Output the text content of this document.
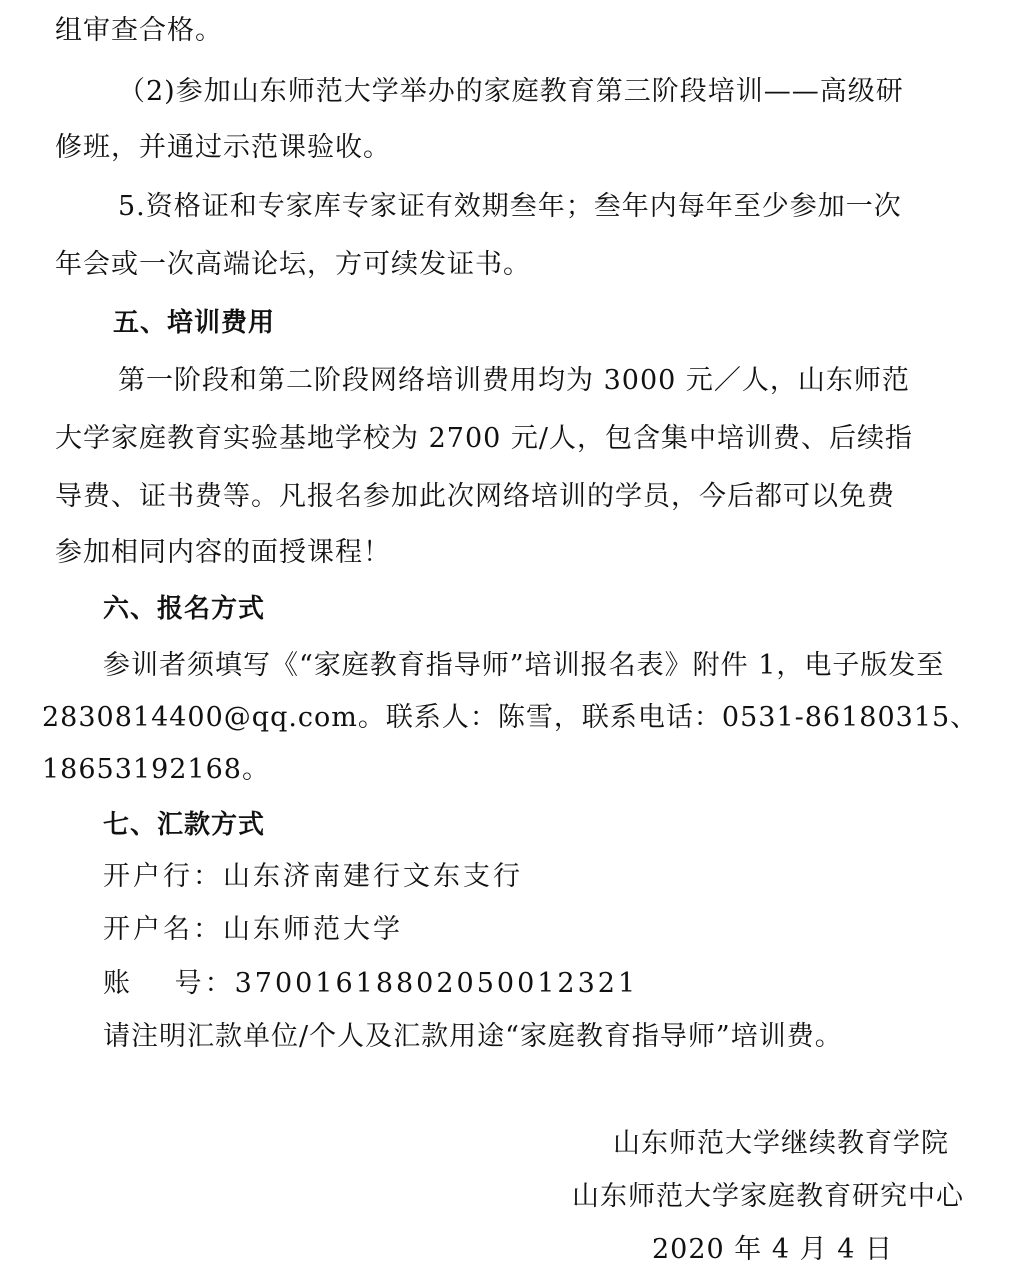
组审查合格。
（2)参加山东师范大学举办的家庭教育第三阶段培训——高级研
修班，并通过示范课验收。
5.资格证和专家库专家证有效期叁年；叁年内每年至少参加一次
年会或一次高端论坛，方可续发证书。
五、培训费用
第一阶段和第二阶段网络培训费用均为 3000 元／人，山东师范
大学家庭教育实验基地学校为 2700 元/人，包含集中培训费、后续指
导费、证书费等。凡报名参加此次网络培训的学员，今后都可以免费
参加相同内容的面授课程！
六、报名方式
参训者须填写《“家庭教育指导师”培训报名表》附件 1，电子版发至
2830814400@qq.com。联系人：陈雪，联系电话：0531-86180315、
18653192168。
七、汇款方式
开户行：山东济南建行文东支行
开户名：山东师范大学
账　 号：37001618802050012321
请注明汇款单位/个人及汇款用途“家庭教育指导师”培训费。
山东师范大学继续教育学院
山东师范大学家庭教育研究中心
2020 年 4 月 4 日
